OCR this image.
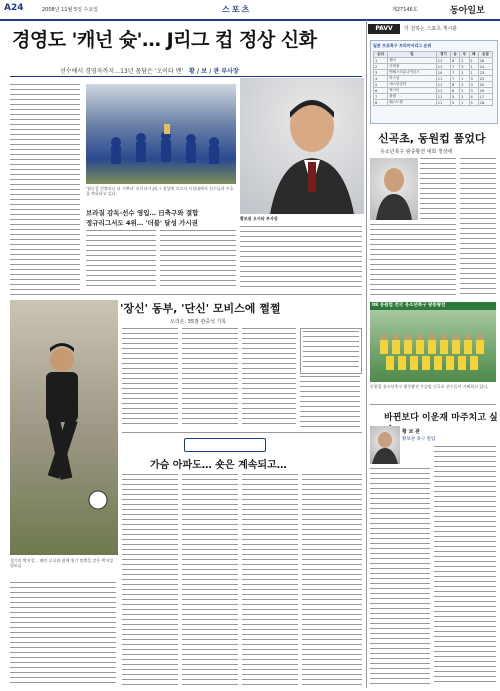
A24	2008년 11월 5일 수요일	스포츠	제27146호	동아일보
경영도 '캐넌 슛'… J리그 컵 정상 신화
선수에서 경영자까지…13년 몸담은 '오이타 맨' 황 / 보 / 관 부사장
'월드컵 진출보다 더 기쁘다' 오이타가 J리그 정상에 오르자 시상대에서 선수들과 우승을 축하하고 있다.
황보관 오이타 부사장
브라질 감독·선수 영입… 日축구와 결합
정규리그서도 4위… '더블' 달성 가시권
'장신' 동부, '단신' 모비스에 쩔쩔
오리온, 35점 관중석 기록
경기의 박지성… 웨인 루니와 함께 위기 탈출을 맡은 박지성 뒷모습
가슴 아파도… 숏은 계속되고…
PAVV	가 전하는 스포츠 게시판
일본 프로축구 프리미어리그 순위
순위	팀	경기	승	무	패	승점
1	첼시	11	8	2	1	26
2	리버풀	11	7	3	1	24
3	맨체스터유나이티드	10	7	2	1	23
4	아스널	11	7	1	3	22
5	애스턴빌라	11	6	2	3	20
6	헐시티	11	6	2	3	20
7	풀럼	11	5	2	4	17
8	웨스트햄	11	5	1	5	16
신곡초, 동원컵 품었다
유소년축구 왕중왕전 대회 정상에
08 동원컵 전국 유소년축구 왕중왕전
동원컵 유소년축구 왕중왕전 우승팀 신곡초 선수들이 기뻐하고 있다.
바뀐보다 이운재 마주치고 싶
황 보 관
황보관 축구 칼럼
